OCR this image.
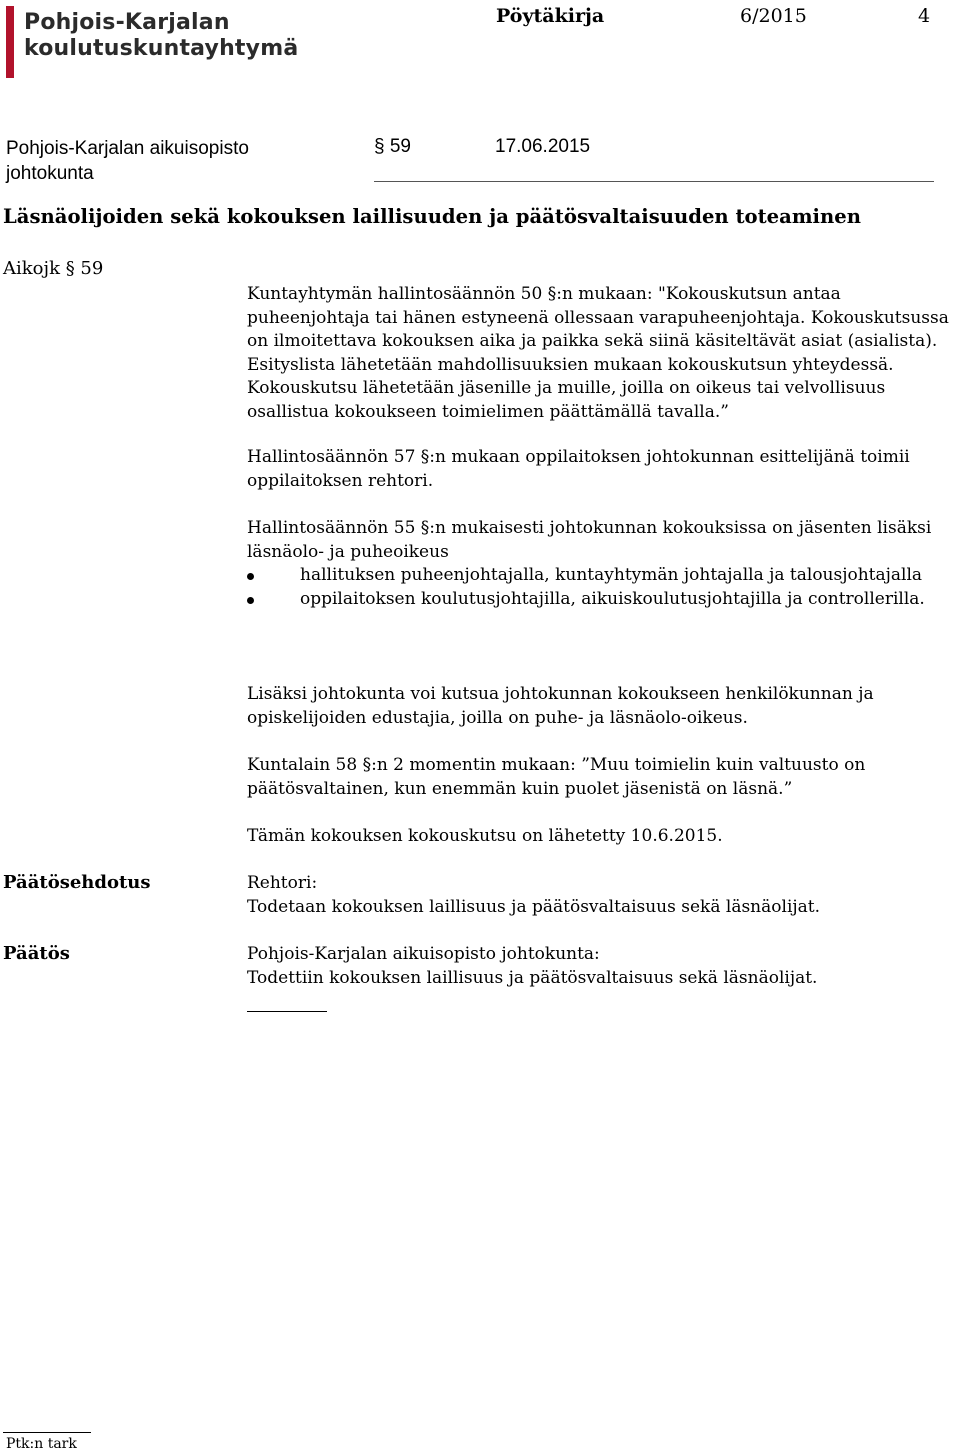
Pohjois-Karjalan
koulutuskuntayhtymä
Pöytäkirja	6/2015	4
Pohjois-Karjalan aikuisopisto
johtokunta
§ 59	17.06.2015
Läsnäolijoiden sekä kokouksen laillisuuden ja päätösvaltaisuuden toteaminen
Aikojk § 59

Kuntayhtymän hallintosäännön 50 §:n mukaan: "Kokouskutsun antaa puheenjohtaja tai hänen estyneenä ollessaan varapuheenjohtaja. Kokouskutsussa on ilmoitettava kokouksen aika ja paikka sekä siinä käsiteltävät asiat (asialista). Esityslista lähetetään mahdollisuuksien mukaan kokouskutsun yhteydessä. Kokouskutsu lähetetään jäsenille ja muille, joilla on oikeus tai velvollisuus osallistua kokoukseen toimielimen päättämällä tavalla.”

Hallintosäännön 57 §:n mukaan oppilaitoksen johtokunnan esittelijänä toimii oppilaitoksen rehtori.

Hallintosäännön 55 §:n mukaisesti johtokunnan kokouksissa on jäsenten lisäksi läsnäolo- ja puheoikeus

hallituksen puheenjohtajalla, kuntayhtymän johtajalla ja talousjohtajalla
oppilaitoksen koulutusjohtajilla, aikuiskoulutusjohtajilla ja controllerilla.

Lisäksi johtokunta voi kutsua johtokunnan kokoukseen henkilökunnan ja opiskelijoiden edustajia, joilla on puhe- ja läsnäolo-oikeus.

Kuntalain 58 §:n 2 momentin mukaan: ”Muu toimielin kuin valtuusto on päätösvaltainen, kun enemmän kuin puolet jäsenistä on läsnä.”

Tämän kokouksen kokouskutsu on lähetetty 10.6.2015.

Päätösehdotus	Rehtori:

Todetaan kokouksen laillisuus ja päätösvaltaisuus sekä läsnäolijat.

Päätös	Pohjois-Karjalan aikuisopisto johtokunta:

Todettiin kokouksen laillisuus ja päätösvaltaisuus sekä läsnäolijat.

Ptk:n tark
